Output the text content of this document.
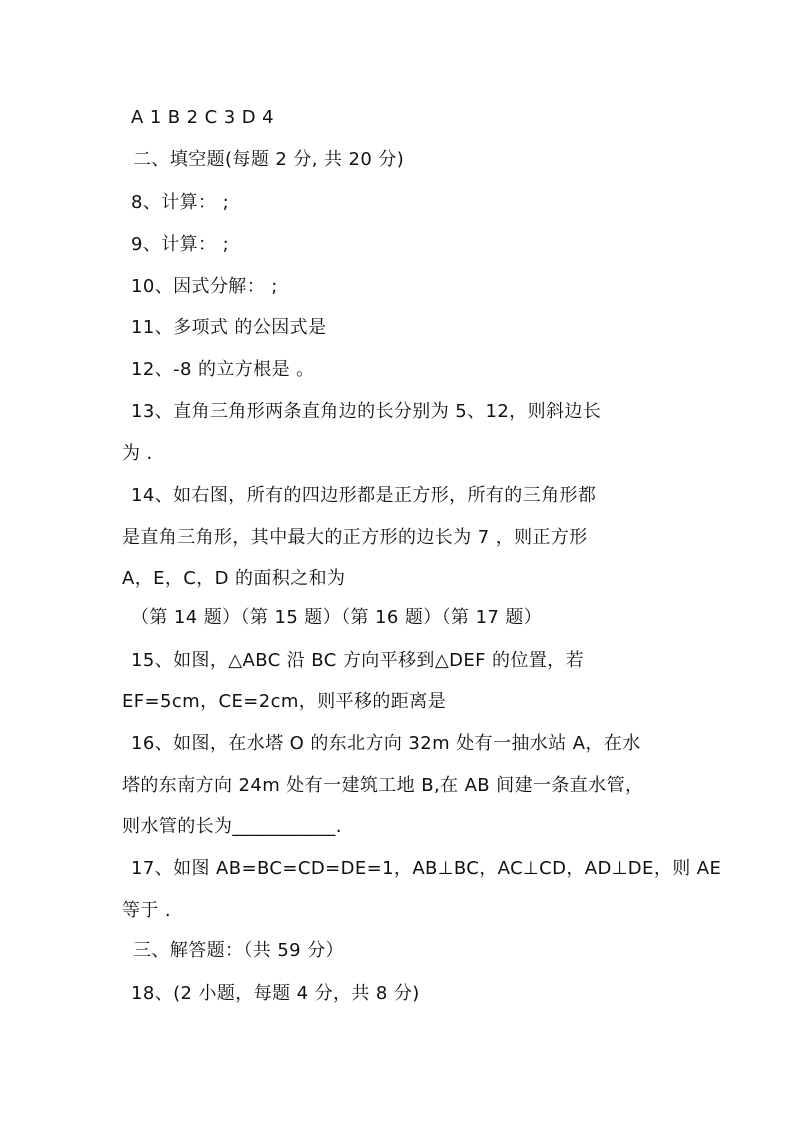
A 1 B 2 C 3 D 4
二、填空题(每题 2 分, 共 20 分)
8、计算： ;
9、计算： ;
10、因式分解： ;
11、多项式 的公因式是
12、-8 的立方根是 。
13、直角三角形两条直角边的长分别为 5、12，则斜边长
为 .
14、如右图，所有的四边形都是正方形，所有的三角形都
是直角三角形，其中最大的正方形的边长为 7 ，则正方形
A，E，C，D 的面积之和为
（第 14 题）（第 15 题）（第 16 题）（第 17 题）
15、如图，△ABC 沿 BC 方向平移到△DEF 的位置，若
EF=5cm，CE=2cm，则平移的距离是
16、如图，在水塔 O 的东北方向 32m 处有一抽水站 A，在水
塔的东南方向 24m 处有一建筑工地 B,在 AB 间建一条直水管，
则水管的长为___________.
17、如图 AB=BC=CD=DE=1，AB⊥BC，AC⊥CD，AD⊥DE，则 AE
等于 .
三、解答题：（共 59 分）
18、(2 小题，每题 4 分，共 8 分)
